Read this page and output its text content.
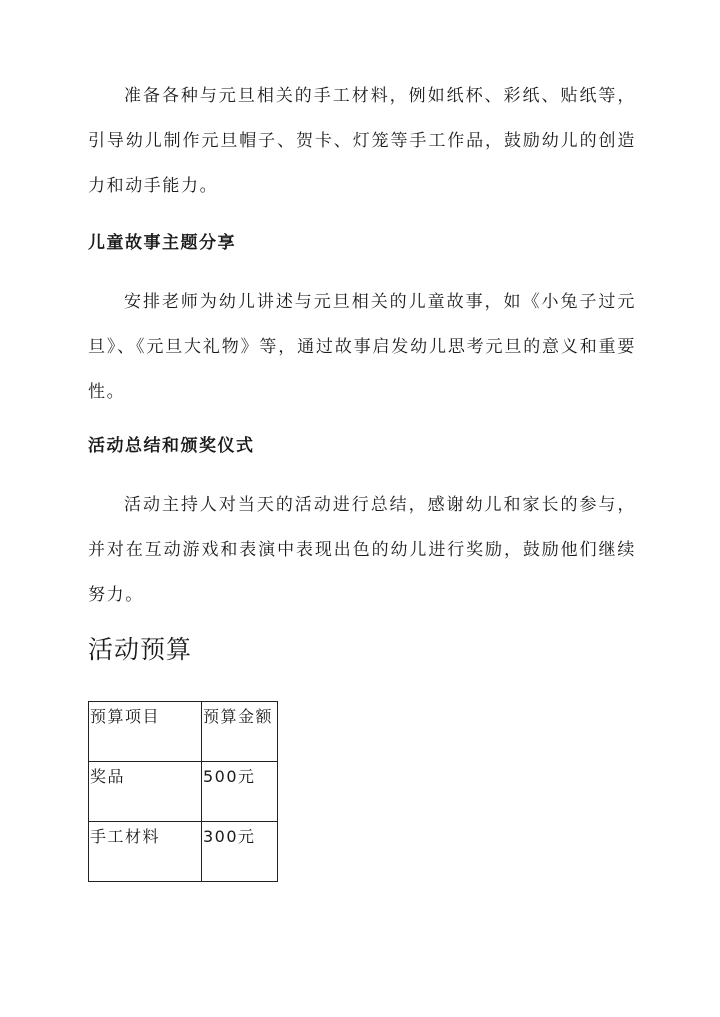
准备各种与元旦相关的手工材料，例如纸杯、彩纸、贴纸等，引导幼儿制作元旦帽子、贺卡、灯笼等手工作品，鼓励幼儿的创造力和动手能力。

儿童故事主题分享

安排老师为幼儿讲述与元旦相关的儿童故事，如《小兔子过元旦》、《元旦大礼物》等，通过故事启发幼儿思考元旦的意义和重要性。

活动总结和颁奖仪式

活动主持人对当天的活动进行总结，感谢幼儿和家长的参与，并对在互动游戏和表演中表现出色的幼儿进行奖励，鼓励他们继续努力。

活动预算
预算项目	预算金额
奖品	500元
手工材料	300元
